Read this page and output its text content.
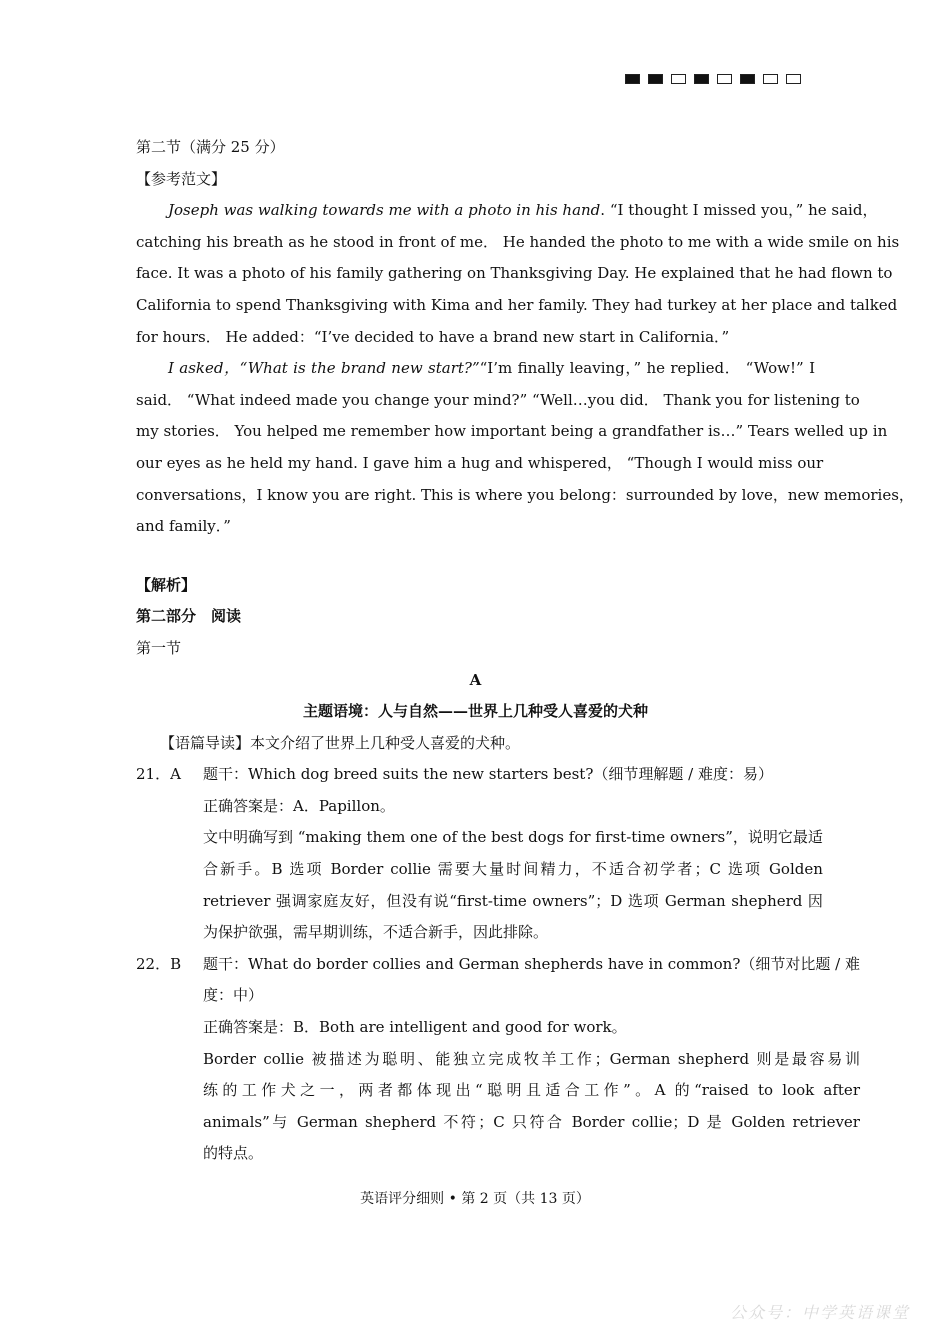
第二节（满分 25 分）
【参考范文】
Joseph was walking towards me with a photo in his hand. “I thought I missed you，” he said，
catching his breath as he stood in front of me． He handed the photo to me with a wide smile on his
face. It was a photo of his family gathering on Thanksgiving Day. He explained that he had flown to
California to spend Thanksgiving with Kima and her family. They had turkey at her place and talked
for hours． He added：“I’ve decided to have a brand new start in California．”
I asked，“What is the brand new start?”“I’m finally leaving，” he replied． “Wow!” I
said． “What indeed made you change your mind?” “Well…you did． Thank you for listening to
my stories． You helped me remember how important being a grandfather is…” Tears welled up in
our eyes as he held my hand. I gave him a hug and whispered， “Though I would miss our
conversations，I know you are right. This is where you belong：surrounded by love，new memories，
and family．”
【解析】
第二部分　阅读
第一节
A
主题语境：人与自然——世界上几种受人喜爱的犬种
【语篇导读】本文介绍了世界上几种受人喜爱的犬种。
21．A	题干：Which dog breed suits the new starters best?（细节理解题 / 难度：易）
正确答案是：A．Papillon。
文中明确写到 “making them one of the best dogs for first-time owners”，说明它最适
合新手。B 选项 Border collie 需要大量时间精力，不适合初学者；C 选项 Golden
retriever 强调家庭友好，但没有说“first-time owners”；D 选项 German shepherd 因
为保护欲强，需早期训练，不适合新手，因此排除。
22．B	题干：What do border collies and German shepherds have in common?（细节对比题 / 难
度：中）
正确答案是：B．Both are intelligent and good for work。
Border collie 被描述为聪明、能独立完成牧羊工作；German shepherd 则是最容易训
练的工作犬之一，两者都体现出“聪明且适合工作”。A 的“raised to look after
animals”与 German shepherd 不符；C 只符合 Border collie；D 是 Golden retriever
的特点。
英语评分细则 • 第 2 页（共 13 页）
公众号：中学英语课堂
